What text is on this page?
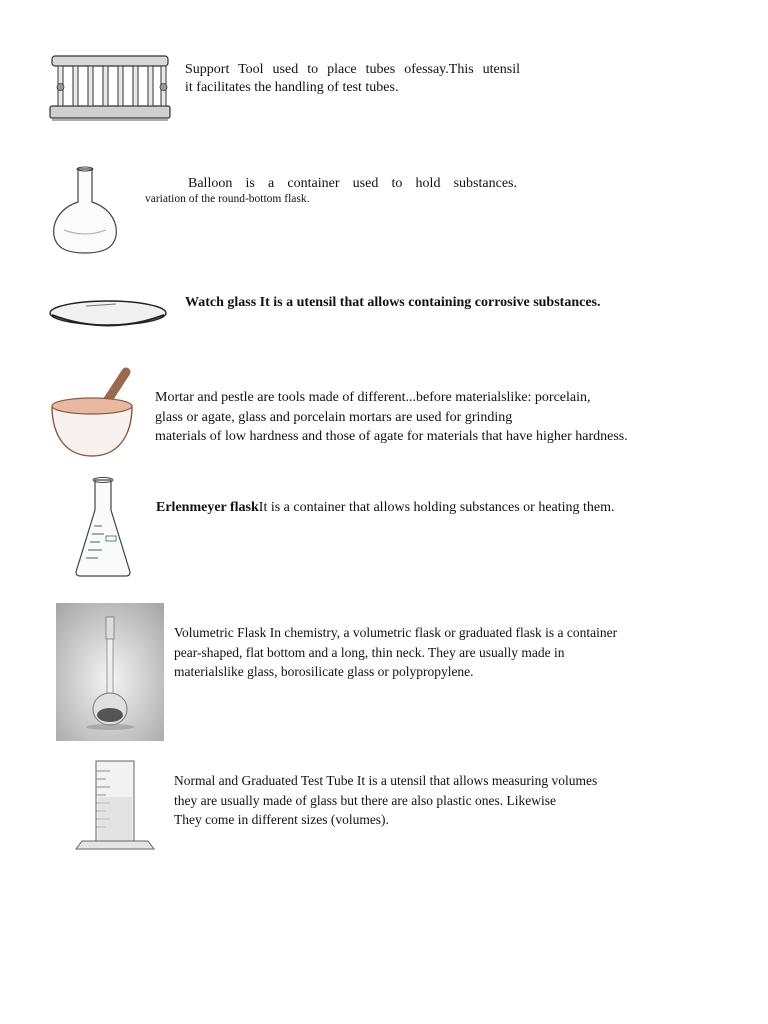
Support Tool used to place tubes ofessay.This utensil
it facilitates the handling of test tubes.
Balloon is a container used to hold substances.
variation of the round-bottom flask.
Watch glass It is a utensil that allows containing corrosive substances.
Mortar and pestle are tools made of different...before materialslike: porcelain,
glass or agate, glass and porcelain mortars are used for grinding
materials of low hardness and those of agate for materials that have higher hardness.
Erlenmeyer flaskIt is a container that allows holding substances or heating them.
Volumetric Flask In chemistry, a volumetric flask or graduated flask is a container
pear-shaped, flat bottom and a long, thin neck. They are usually made in
materialslike glass, borosilicate glass or polypropylene.
Normal and Graduated Test Tube It is a utensil that allows measuring volumes
they are usually made of glass but there are also plastic ones. Likewise
They come in different sizes (volumes).
